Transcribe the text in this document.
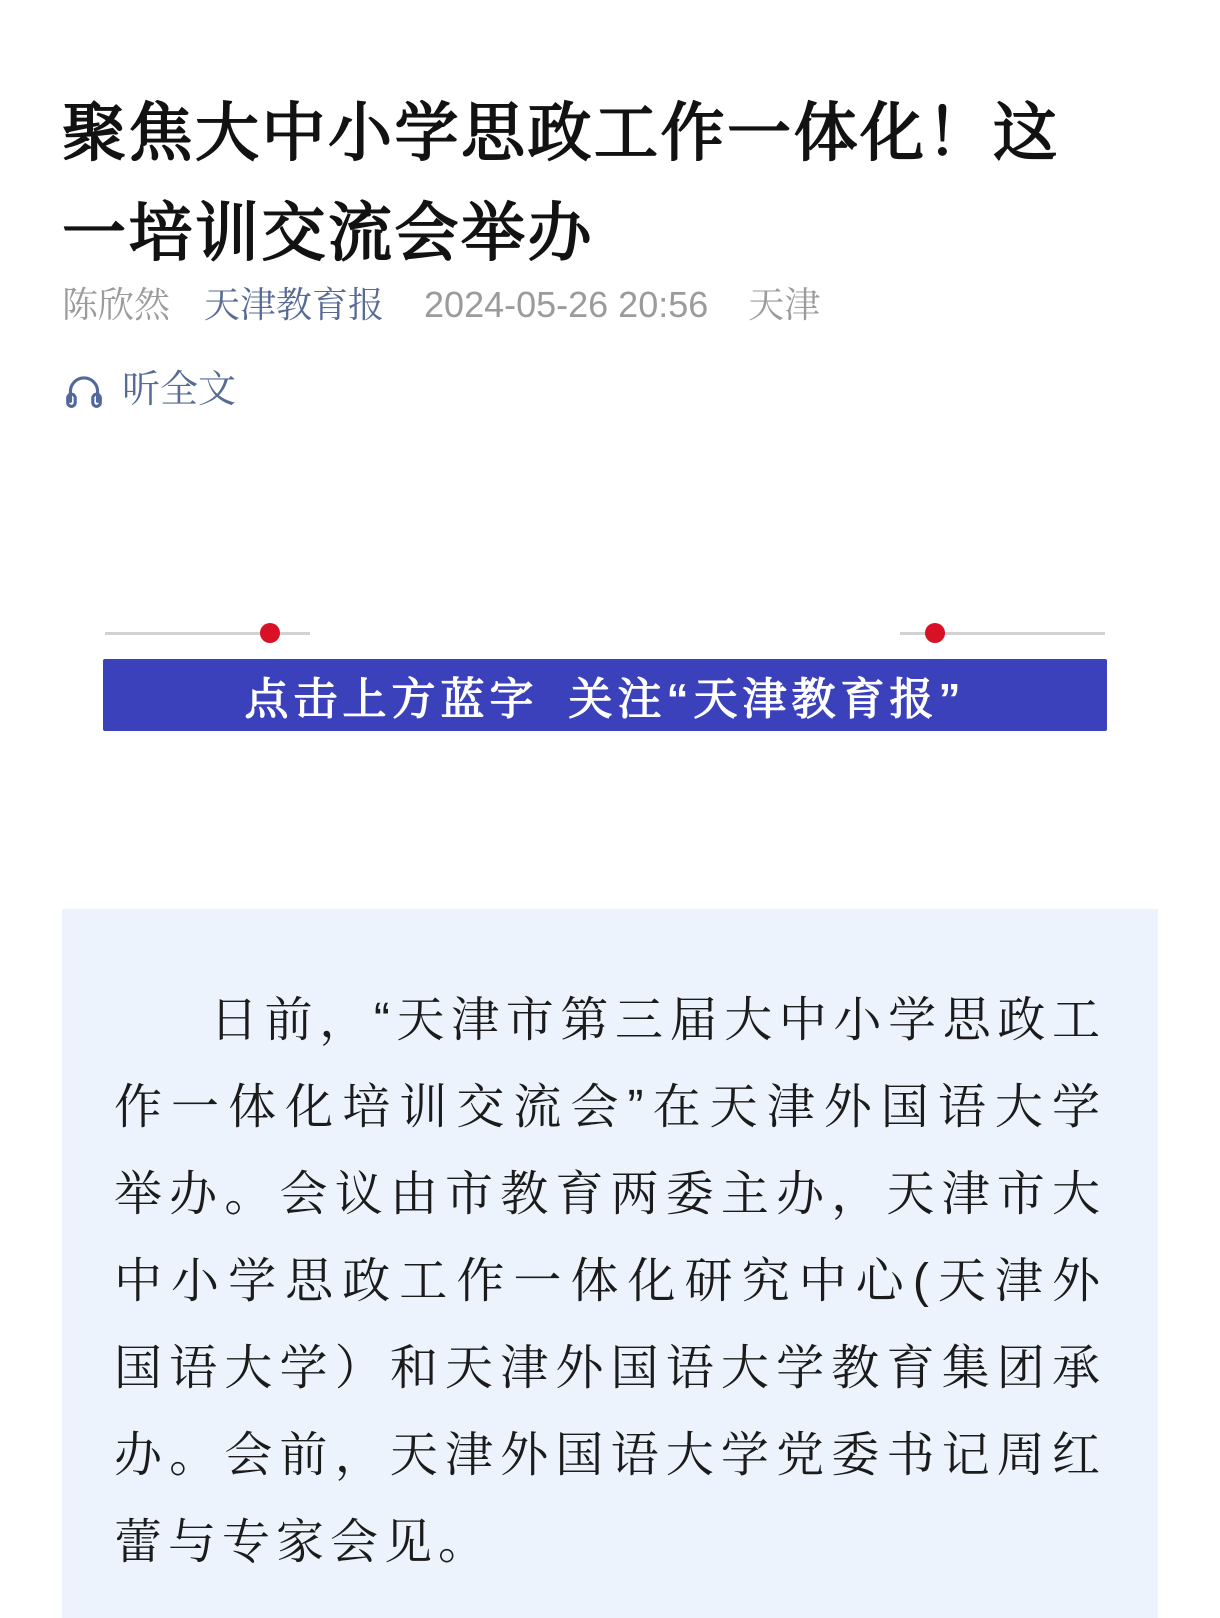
聚焦大中小学思政工作一体化！这一培训交流会举办
陈欣然 天津教育报 2024-05-26 20:56 天津
听全文
点击上方蓝字 关注“天津教育报”

日前，“天津市第三届大中小学思政工作一体化培训交流会”在天津外国语大学举办。会议由市教育两委主办，天津市大中小学思政工作一体化研究中心(天津外国语大学）和天津外国语大学教育集团承办。会前，天津外国语大学党委书记周红蕾与专家会见。
